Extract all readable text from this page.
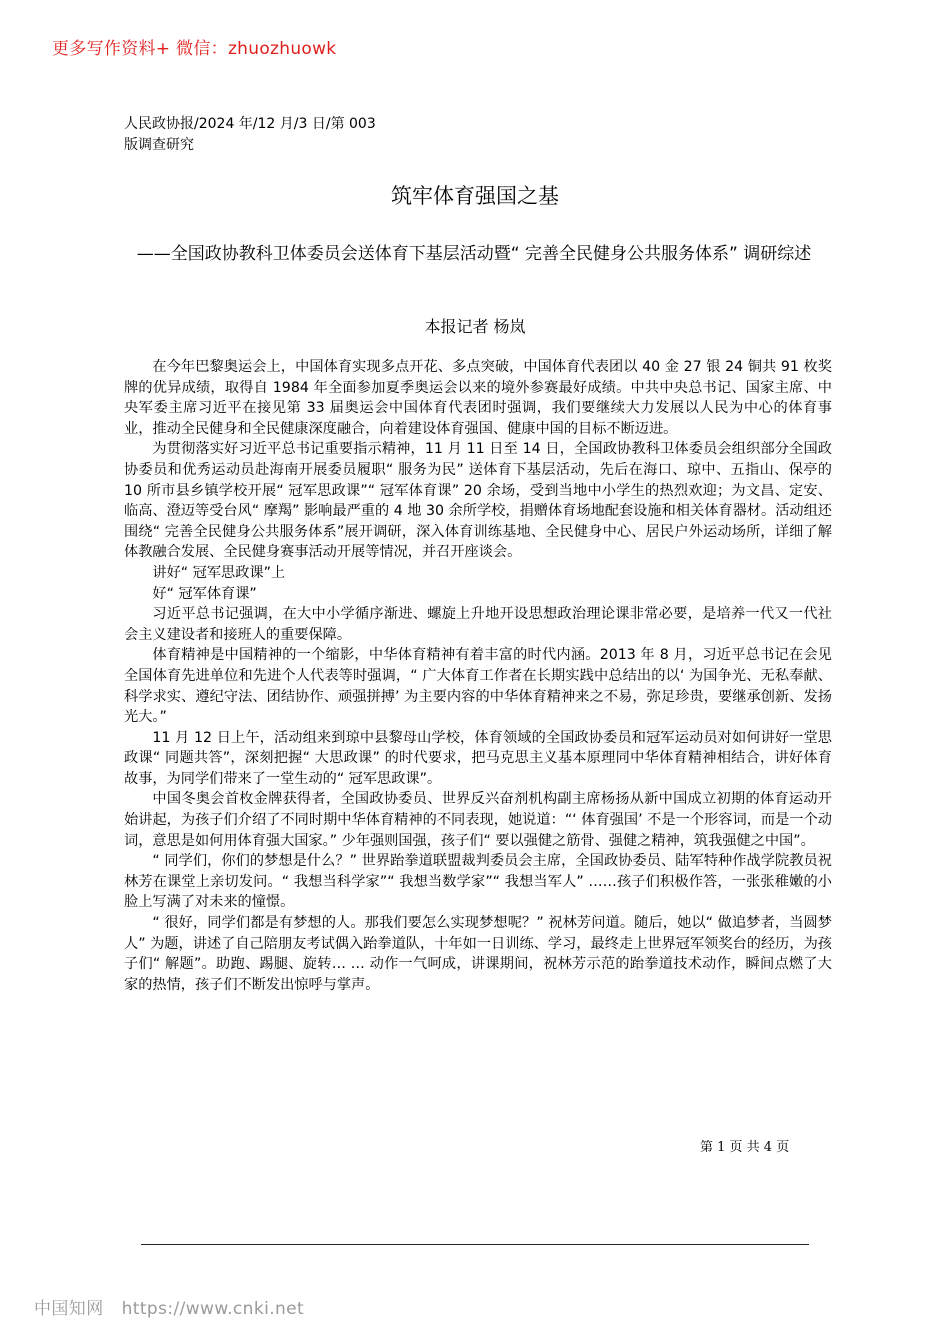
更多写作资料+ 微信：zhuozhuowk
人民政协报/2024 年/12 月/3 日/第 003
版调查研究
筑牢体育强国之基
——全国政协教科卫体委员会送体育下基层活动暨“ 完善全民健身公共服务体系” 调研综述
本报记者 杨岚

在今年巴黎奥运会上，中国体育实现多点开花、多点突破，中国体育代表团以 40 金 27 银 24 铜共 91 枚奖牌的优异成绩，取得自 1984 年全面参加夏季奥运会以来的境外参赛最好成绩。中共中央总书记、国家主席、中央军委主席习近平在接见第 33 届奥运会中国体育代表团时强调，我们要继续大力发展以人民为中心的体育事业，推动全民健身和全民健康深度融合，向着建设体育强国、健康中国的目标不断迈进。

为贯彻落实好习近平总书记重要指示精神，11 月 11 日至 14 日，全国政协教科卫体委员会组织部分全国政协委员和优秀运动员赴海南开展委员履职“ 服务为民” 送体育下基层活动，先后在海口、琼中、五指山、保亭的 10 所市县乡镇学校开展“ 冠军思政课”“ 冠军体育课” 20 余场，受到当地中小学生的热烈欢迎；为文昌、定安、临高、澄迈等受台风“ 摩羯” 影响最严重的 4 地 30 余所学校，捐赠体育场地配套设施和相关体育器材。活动组还围绕“ 完善全民健身公共服务体系”展开调研，深入体育训练基地、全民健身中心、居民户外运动场所，详细了解体教融合发展、全民健身赛事活动开展等情况，并召开座谈会。

讲好“ 冠军思政课”上

好“ 冠军体育课”

习近平总书记强调，在大中小学循序渐进、螺旋上升地开设思想政治理论课非常必要，是培养一代又一代社会主义建设者和接班人的重要保障。

体育精神是中国精神的一个缩影，中华体育精神有着丰富的时代内涵。2013 年 8 月，习近平总书记在会见全国体育先进单位和先进个人代表等时强调，“ 广大体育工作者在长期实践中总结出的以‘ 为国争光、无私奉献、科学求实、遵纪守法、团结协作、顽强拼搏’ 为主要内容的中华体育精神来之不易，弥足珍贵，要继承创新、发扬光大。”

11 月 12 日上午，活动组来到琼中县黎母山学校，体育领域的全国政协委员和冠军运动员对如何讲好一堂思政课“ 同题共答”，深刻把握“ 大思政课” 的时代要求，把马克思主义基本原理同中华体育精神相结合，讲好体育故事，为同学们带来了一堂生动的“ 冠军思政课”。

中国冬奥会首枚金牌获得者，全国政协委员、世界反兴奋剂机构副主席杨扬从新中国成立初期的体育运动开始讲起，为孩子们介绍了不同时期中华体育精神的不同表现，她说道：“‘ 体育强国’ 不是一个形容词，而是一个动词，意思是如何用体育强大国家。” 少年强则国强，孩子们“ 要以强健之筋骨、强健之精神，筑我强健之中国”。

“ 同学们，你们的梦想是什么？” 世界跆拳道联盟裁判委员会主席，全国政协委员、陆军特种作战学院教员祝林芳在课堂上亲切发问。“ 我想当科学家”“ 我想当数学家”“ 我想当军人” ……孩子们积极作答，一张张稚嫩的小脸上写满了对未来的憧憬。

“ 很好，同学们都是有梦想的人。那我们要怎么实现梦想呢？” 祝林芳问道。随后，她以“ 做追梦者，当圆梦人” 为题，讲述了自己陪朋友考试偶入跆拳道队，十年如一日训练、学习，最终走上世界冠军领奖台的经历，为孩子们“ 解题”。助跑、踢腿、旋转… … 动作一气呵成，讲课期间，祝林芳示范的跆拳道技术动作，瞬间点燃了大家的热情，孩子们不断发出惊呼与掌声。

第 1 页 共 4 页
中国知网 https://www.cnki.net
